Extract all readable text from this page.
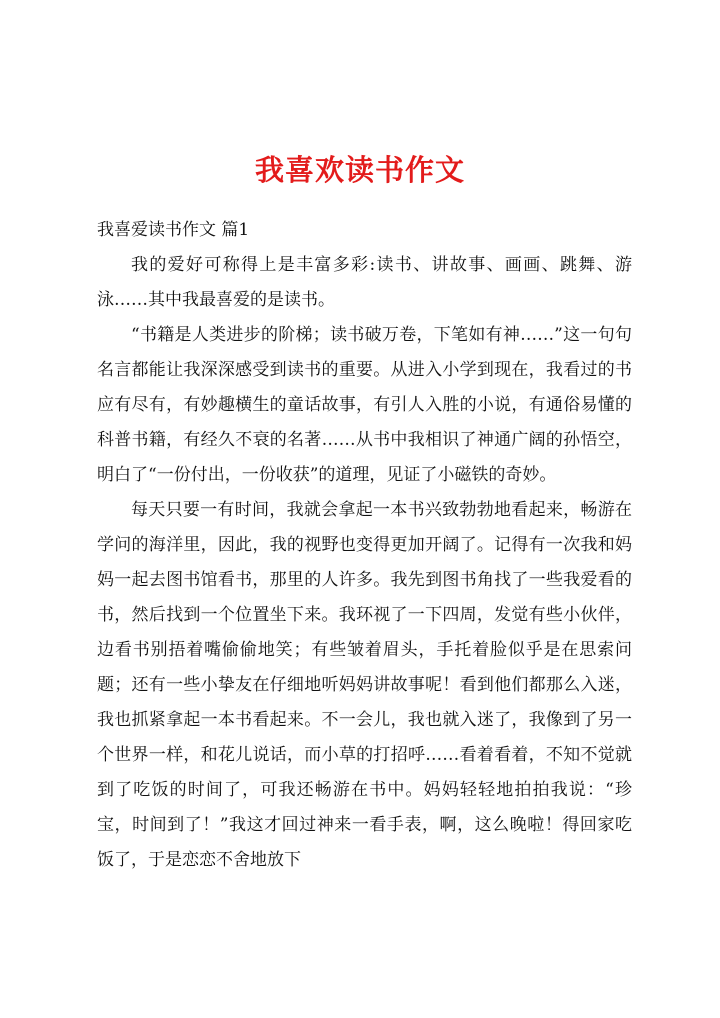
我喜欢读书作文

我喜爱读书作文 篇1

我的爱好可称得上是丰富多彩:读书、讲故事、画画、跳舞、游泳……其中我最喜爱的是读书。

“书籍是人类进步的阶梯；读书破万卷，下笔如有神……”这一句句名言都能让我深深感受到读书的重要。从进入小学到现在，我看过的书应有尽有，有妙趣横生的童话故事，有引人入胜的小说，有通俗易懂的科普书籍，有经久不衰的名著……从书中我相识了神通广阔的孙悟空，明白了“一份付出，一份收获”的道理，见证了小磁铁的奇妙。

每天只要一有时间，我就会拿起一本书兴致勃勃地看起来，畅游在学问的海洋里，因此，我的视野也变得更加开阔了。记得有一次我和妈妈一起去图书馆看书，那里的人许多。我先到图书角找了一些我爱看的书，然后找到一个位置坐下来。我环视了一下四周，发觉有些小伙伴，边看书别捂着嘴偷偷地笑；有些皱着眉头，手托着脸似乎是在思索问题；还有一些小挚友在仔细地听妈妈讲故事呢！看到他们都那么入迷，我也抓紧拿起一本书看起来。不一会儿，我也就入迷了，我像到了另一个世界一样，和花儿说话，而小草的打招呼……看着看着，不知不觉就到了吃饭的时间了，可我还畅游在书中。妈妈轻轻地拍拍我说：“珍宝，时间到了！”我这才回过神来一看手表，啊，这么晚啦！得回家吃饭了，于是恋恋不舍地放下
